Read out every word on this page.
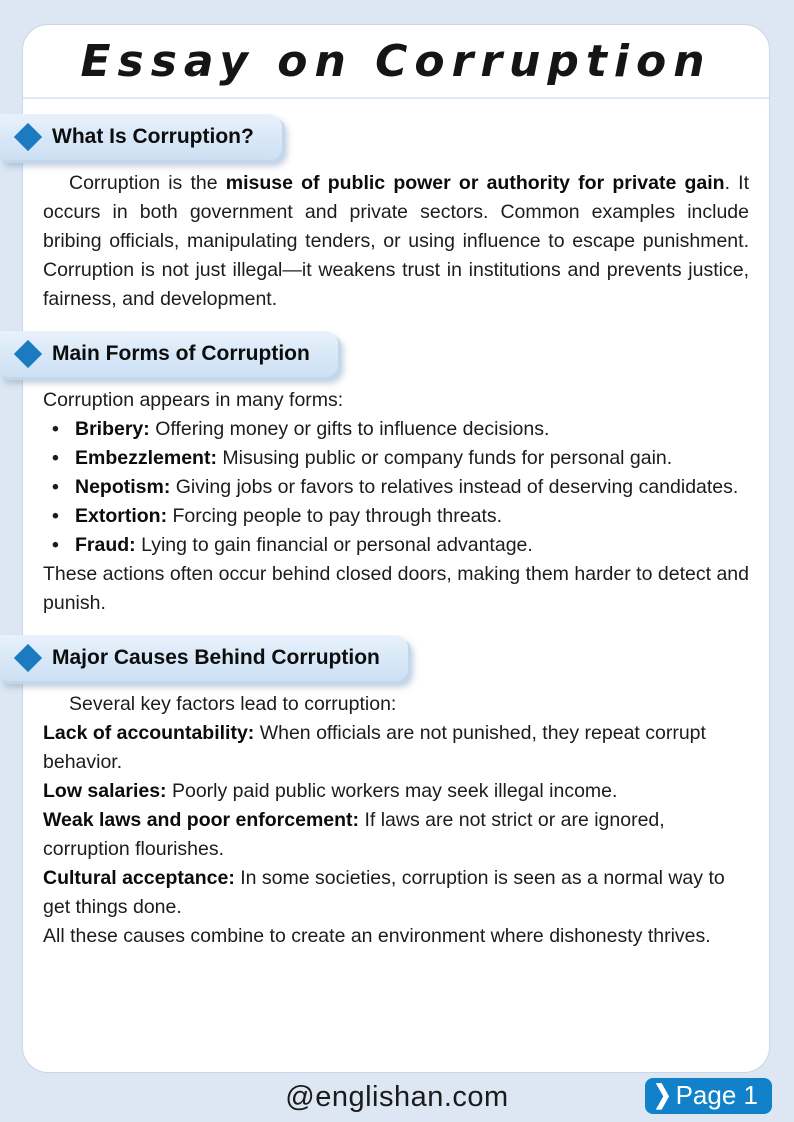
Essay on Corruption
What Is Corruption?
Corruption is the misuse of public power or authority for private gain. It occurs in both government and private sectors. Common examples include bribing officials, manipulating tenders, or using influence to escape punishment. Corruption is not just illegal—it weakens trust in institutions and prevents justice, fairness, and development.
Main Forms of Corruption
Corruption appears in many forms:
• Bribery: Offering money or gifts to influence decisions.
• Embezzlement: Misusing public or company funds for personal gain.
• Nepotism: Giving jobs or favors to relatives instead of deserving candidates.
• Extortion: Forcing people to pay through threats.
• Fraud: Lying to gain financial or personal advantage.
These actions often occur behind closed doors, making them harder to detect and punish.
Major Causes Behind Corruption
Several key factors lead to corruption:
Lack of accountability: When officials are not punished, they repeat corrupt behavior.
Low salaries: Poorly paid public workers may seek illegal income.
Weak laws and poor enforcement: If laws are not strict or are ignored, corruption flourishes.
Cultural acceptance: In some societies, corruption is seen as a normal way to get things done.
All these causes combine to create an environment where dishonesty thrives.
@englishan.com	❯ Page 1
